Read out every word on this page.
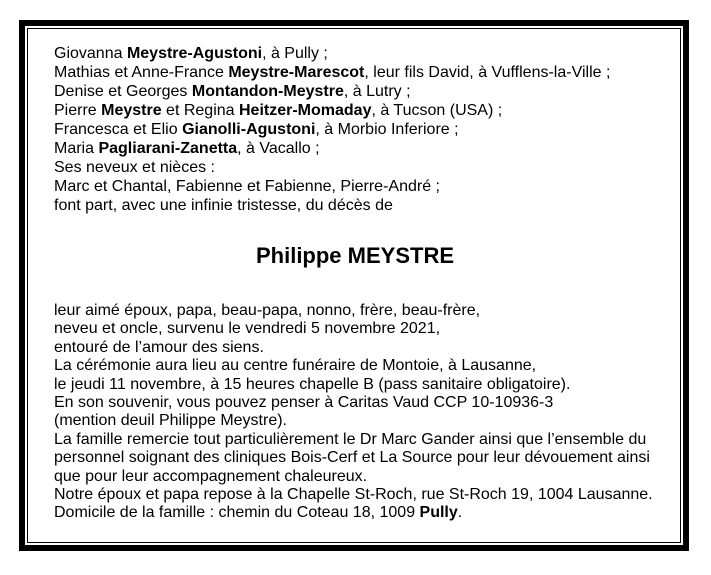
Giovanna Meystre-Agustoni, à Pully ;
Mathias et Anne-France Meystre-Marescot, leur fils David, à Vufflens-la-Ville ;
Denise et Georges Montandon-Meystre, à Lutry ;
Pierre Meystre et Regina Heitzer-Momaday, à Tucson (USA) ;
Francesca et Elio Gianolli-Agustoni, à Morbio Inferiore ;
Maria Pagliarani-Zanetta, à Vacallo ;
Ses neveux et nièces :
Marc et Chantal, Fabienne et Fabienne, Pierre-André ;
font part, avec une infinie tristesse, du décès de
Philippe MEYSTRE
leur aimé époux, papa, beau-papa, nonno, frère, beau-frère,
neveu et oncle, survenu le vendredi 5 novembre 2021,
entouré de l’amour des siens.
La cérémonie aura lieu au centre funéraire de Montoie, à Lausanne,
le jeudi 11 novembre, à 15 heures chapelle B (pass sanitaire obligatoire).
En son souvenir, vous pouvez penser à Caritas Vaud CCP 10-10936-3
(mention deuil Philippe Meystre).
La famille remercie tout particulièrement le Dr Marc Gander ainsi que l’ensemble du
personnel soignant des cliniques Bois-Cerf et La Source pour leur dévouement ainsi
que pour leur accompagnement chaleureux.
Notre époux et papa repose à la Chapelle St-Roch, rue St-Roch 19, 1004 Lausanne.
Domicile de la famille : chemin du Coteau 18, 1009 Pully.
